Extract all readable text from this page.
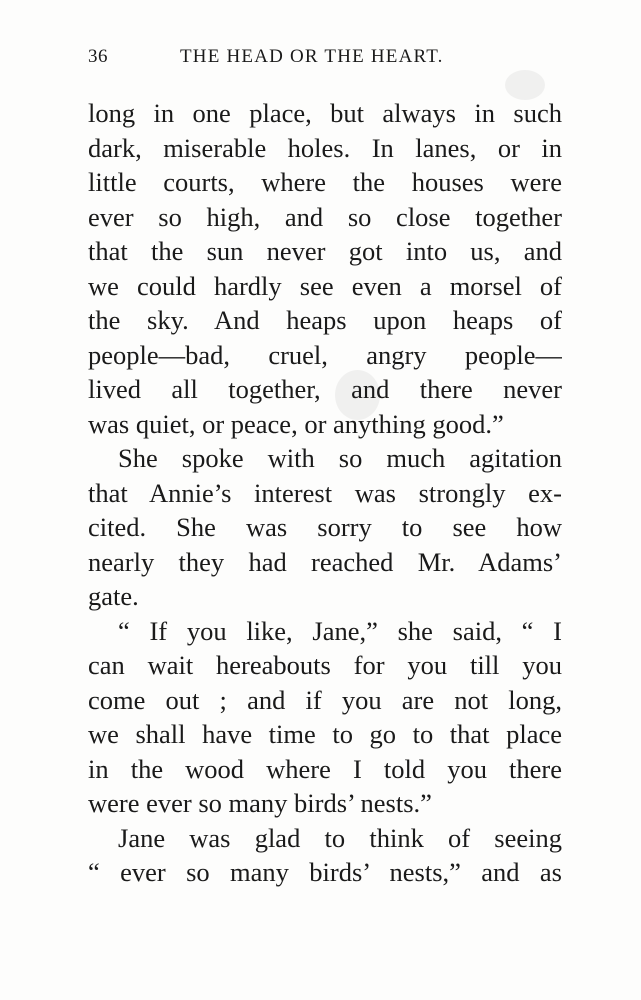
36	THE HEAD OR THE HEART.
long in one place, but always in such
dark, miserable holes. In lanes, or in
little courts, where the houses were
ever so high, and so close together
that the sun never got into us, and
we could hardly see even a morsel of
the sky. And heaps upon heaps of
people—bad, cruel, angry people—
lived all together, and there never
was quiet, or peace, or anything good.”
She spoke with so much agitation
that Annie’s interest was strongly ex-
cited. She was sorry to see how
nearly they had reached Mr. Adams’
gate.
“ If you like, Jane,” she said, “ I
can wait hereabouts for you till you
come out ; and if you are not long,
we shall have time to go to that place
in the wood where I told you there
were ever so many birds’ nests.”
Jane was glad to think of seeing
“ ever so many birds’ nests,” and as
